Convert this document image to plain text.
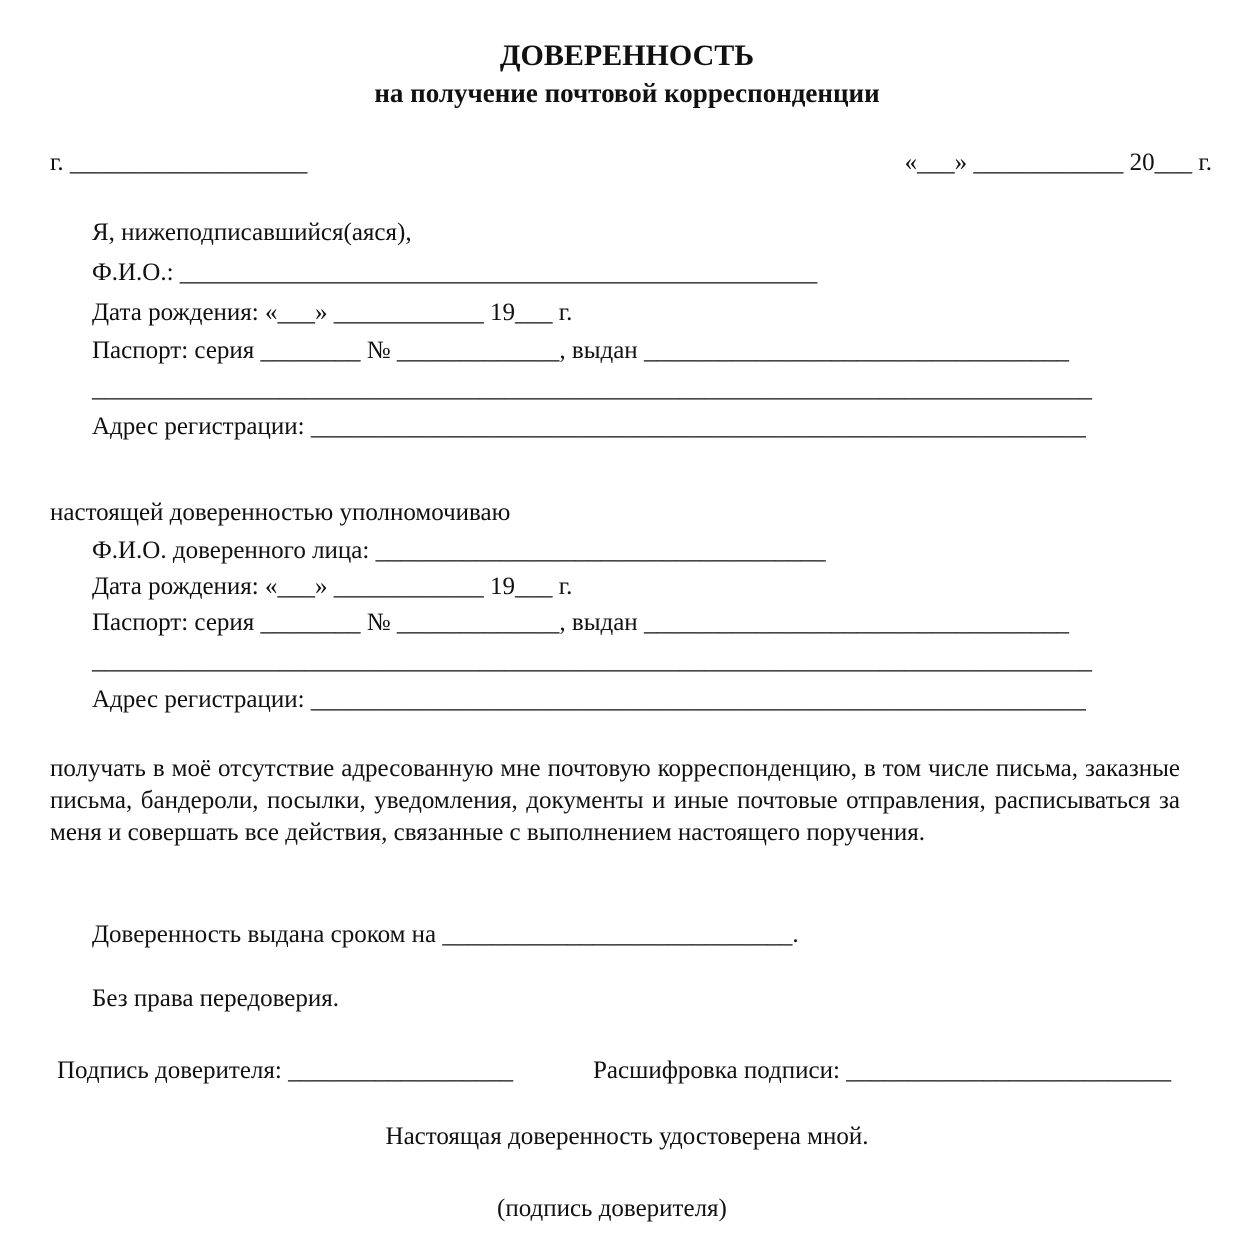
ДОВЕРЕННОСТЬ
на получение почтовой корреспонденции
г. ___________________	«___» ____________ 20___ г.
Я, нижеподписавшийся(аяся),
Ф.И.О.: ___________________________________________________
Дата рождения: «___» ____________ 19___ г.
Паспорт: серия ________ № _____________, выдан __________________________________
________________________________________________________________________________
Адрес регистрации: ______________________________________________________________
настоящей доверенностью уполномочиваю
Ф.И.О. доверенного лица: ____________________________________
Дата рождения: «___» ____________ 19___ г.
Паспорт: серия ________ № _____________, выдан __________________________________
________________________________________________________________________________
Адрес регистрации: ______________________________________________________________
получать в моё отсутствие адресованную мне почтовую корреспонденцию, в том числе письма, заказные письма, бандероли, посылки, уведомления, документы и иные почтовые отправления, расписываться за меня и совершать все действия, связанные с выполнением настоящего поручения.
Доверенность выдана сроком на ____________________________.
Без права передоверия.
Подпись доверителя: __________________	Расшифровка подписи: __________________________
Настоящая доверенность удостоверена мной.
(подпись доверителя)
